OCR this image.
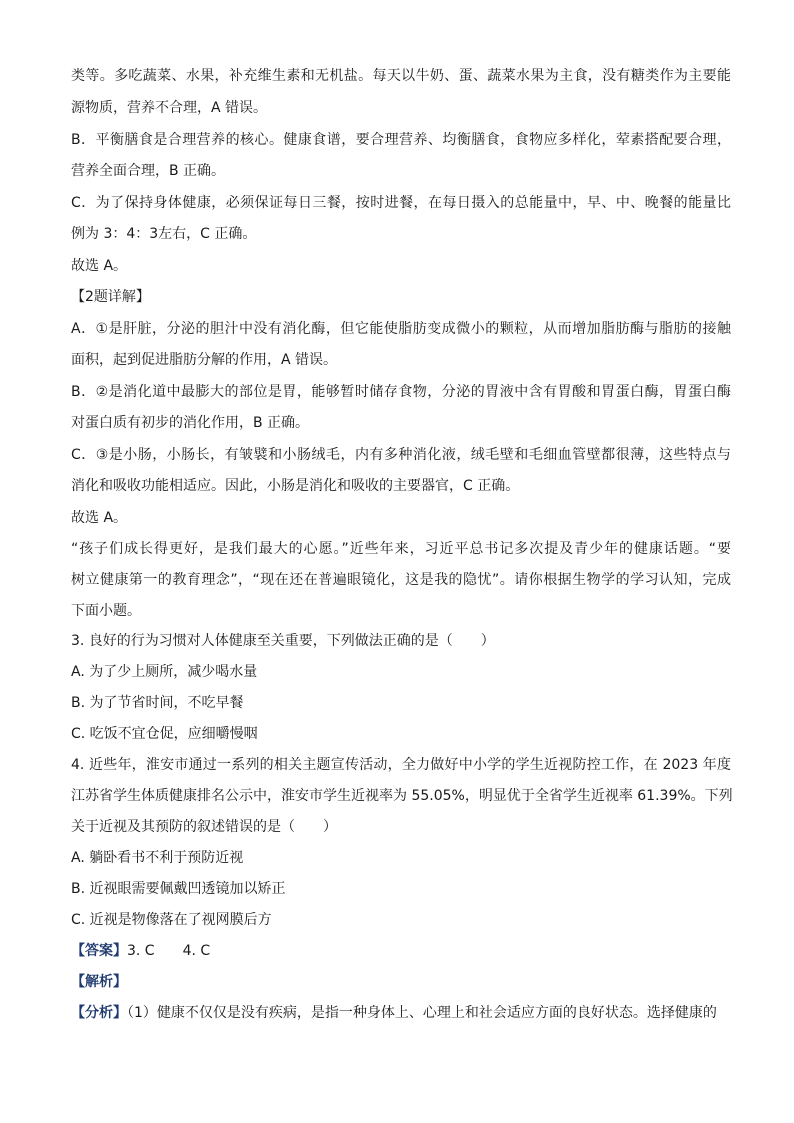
类等。多吃蔬菜、水果，补充维生素和无机盐。每天以牛奶、蛋、蔬菜水果为主食，没有糖类作为主要能
源物质，营养不合理，A 错误。
B．平衡膳食是合理营养的核心。健康食谱，要合理营养、均衡膳食，食物应多样化，荤素搭配要合理，
营养全面合理，B 正确。
C．为了保持身体健康，必须保证每日三餐，按时进餐，在每日摄入的总能量中，早、中、晚餐的能量比
例为 3：4：3左右，C 正确。
故选 A。
【2题详解】
A．①是肝脏，分泌的胆汁中没有消化酶，但它能使脂肪变成微小的颗粒，从而增加脂肪酶与脂肪的接触
面积，起到促进脂肪分解的作用，A 错误。
B．②是消化道中最膨大的部位是胃，能够暂时储存食物，分泌的胃液中含有胃酸和胃蛋白酶，胃蛋白酶
对蛋白质有初步的消化作用，B 正确。
C．③是小肠，小肠长，有皱襞和小肠绒毛，内有多种消化液，绒毛壁和毛细血管壁都很薄，这些特点与
消化和吸收功能相适应。因此，小肠是消化和吸收的主要器官，C 正确。
故选 A。
“孩子们成长得更好，是我们最大的心愿。”近些年来，习近平总书记多次提及青少年的健康话题。“要
树立健康第一的教育理念”，“现在还在普遍眼镜化，这是我的隐忧”。请你根据生物学的学习认知，完成
下面小题。
3. 良好的行为习惯对人体健康至关重要，下列做法正确的是（　　）
A. 为了少上厕所，减少喝水量
B. 为了节省时间，不吃早餐
C. 吃饭不宜仓促，应细嚼慢咽
4. 近些年，淮安市通过一系列的相关主题宣传活动，全力做好中小学的学生近视防控工作，在 2023 年度
江苏省学生体质健康排名公示中，淮安市学生近视率为 55.05%，明显优于全省学生近视率 61.39%。下列
关于近视及其预防的叙述错误的是（　　）
A. 躺卧看书不利于预防近视
B. 近视眼需要佩戴凹透镜加以矫正
C. 近视是物像落在了视网膜后方
【答案】3. C　　4. C
【解析】
【分析】（1）健康不仅仅是没有疾病，是指一种身体上、心理上和社会适应方面的良好状态。选择健康的
